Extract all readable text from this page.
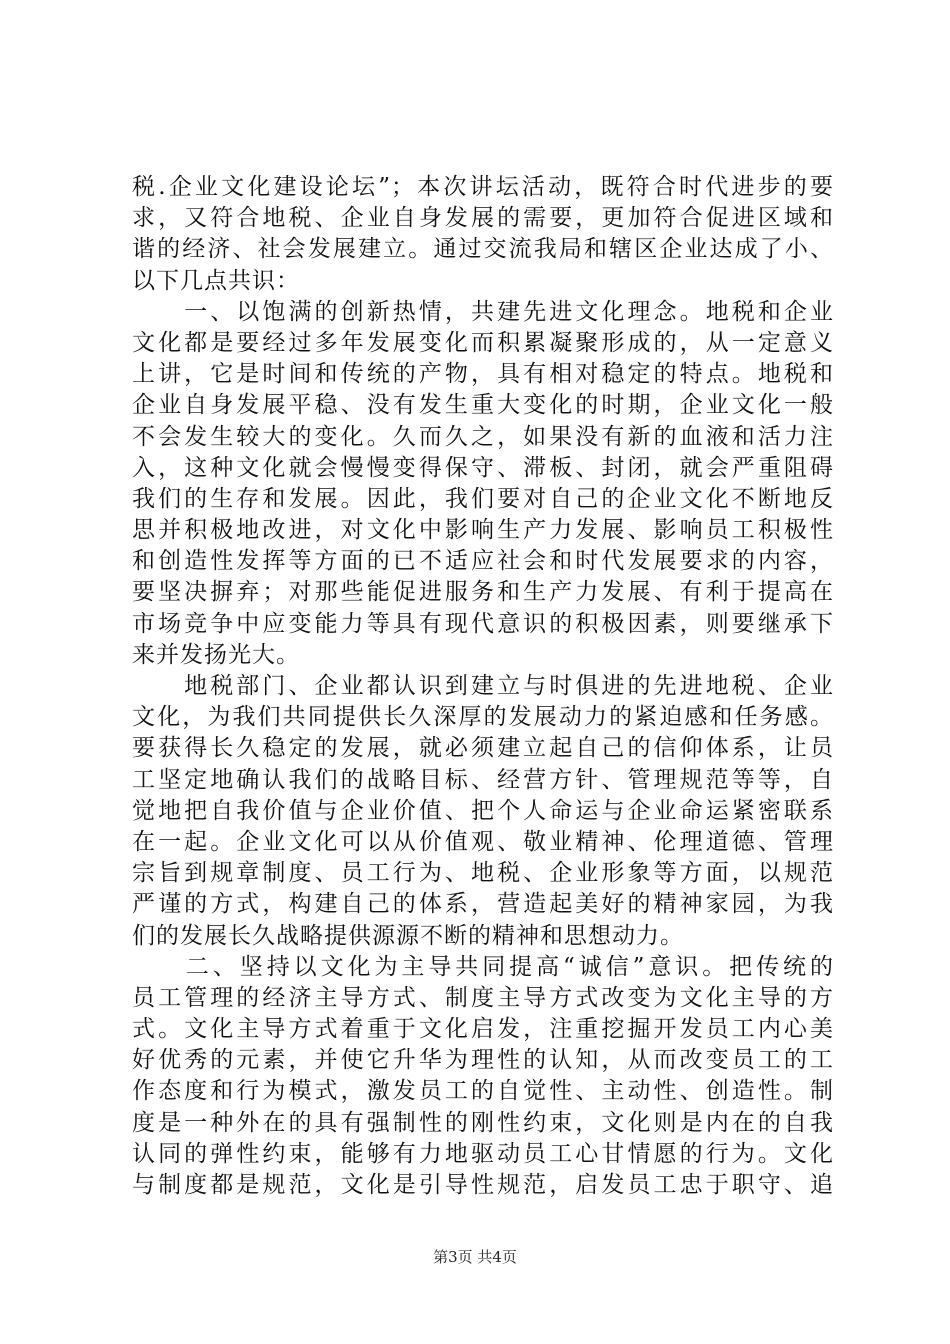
税.企业文化建设论坛”；本次讲坛活动，既符合时代进步的要
求，又符合地税、企业自身发展的需要，更加符合促进区域和
谐的经济、社会发展建立。通过交流我局和辖区企业达成了小、
以下几点共识：
　　一、以饱满的创新热情，共建先进文化理念。地税和企业
文化都是要经过多年发展变化而积累凝聚形成的，从一定意义
上讲，它是时间和传统的产物，具有相对稳定的特点。地税和
企业自身发展平稳、没有发生重大变化的时期，企业文化一般
不会发生较大的变化。久而久之，如果没有新的血液和活力注
入，这种文化就会慢慢变得保守、滞板、封闭，就会严重阻碍
我们的生存和发展。因此，我们要对自己的企业文化不断地反
思并积极地改进，对文化中影响生产力发展、影响员工积极性
和创造性发挥等方面的已不适应社会和时代发展要求的内容，
要坚决摒弃；对那些能促进服务和生产力发展、有利于提高在
市场竞争中应变能力等具有现代意识的积极因素，则要继承下
来并发扬光大。
　　地税部门、企业都认识到建立与时俱进的先进地税、企业
文化，为我们共同提供长久深厚的发展动力的紧迫感和任务感。
要获得长久稳定的发展，就必须建立起自己的信仰体系，让员
工坚定地确认我们的战略目标、经营方针、管理规范等等，自
觉地把自我价值与企业价值、把个人命运与企业命运紧密联系
在一起。企业文化可以从价值观、敬业精神、伦理道德、管理
宗旨到规章制度、员工行为、地税、企业形象等方面，以规范
严谨的方式，构建自己的体系，营造起美好的精神家园，为我
们的发展长久战略提供源源不断的精神和思想动力。
　　二、坚持以文化为主导共同提高“诚信”意识。把传统的
员工管理的经济主导方式、制度主导方式改变为文化主导的方
式。文化主导方式着重于文化启发，注重挖掘开发员工内心美
好优秀的元素，并使它升华为理性的认知，从而改变员工的工
作态度和行为模式，激发员工的自觉性、主动性、创造性。制
度是一种外在的具有强制性的刚性约束，文化则是内在的自我
认同的弹性约束，能够有力地驱动员工心甘情愿的行为。文化
与制度都是规范，文化是引导性规范，启发员工忠于职守、追
第3页 共4页
